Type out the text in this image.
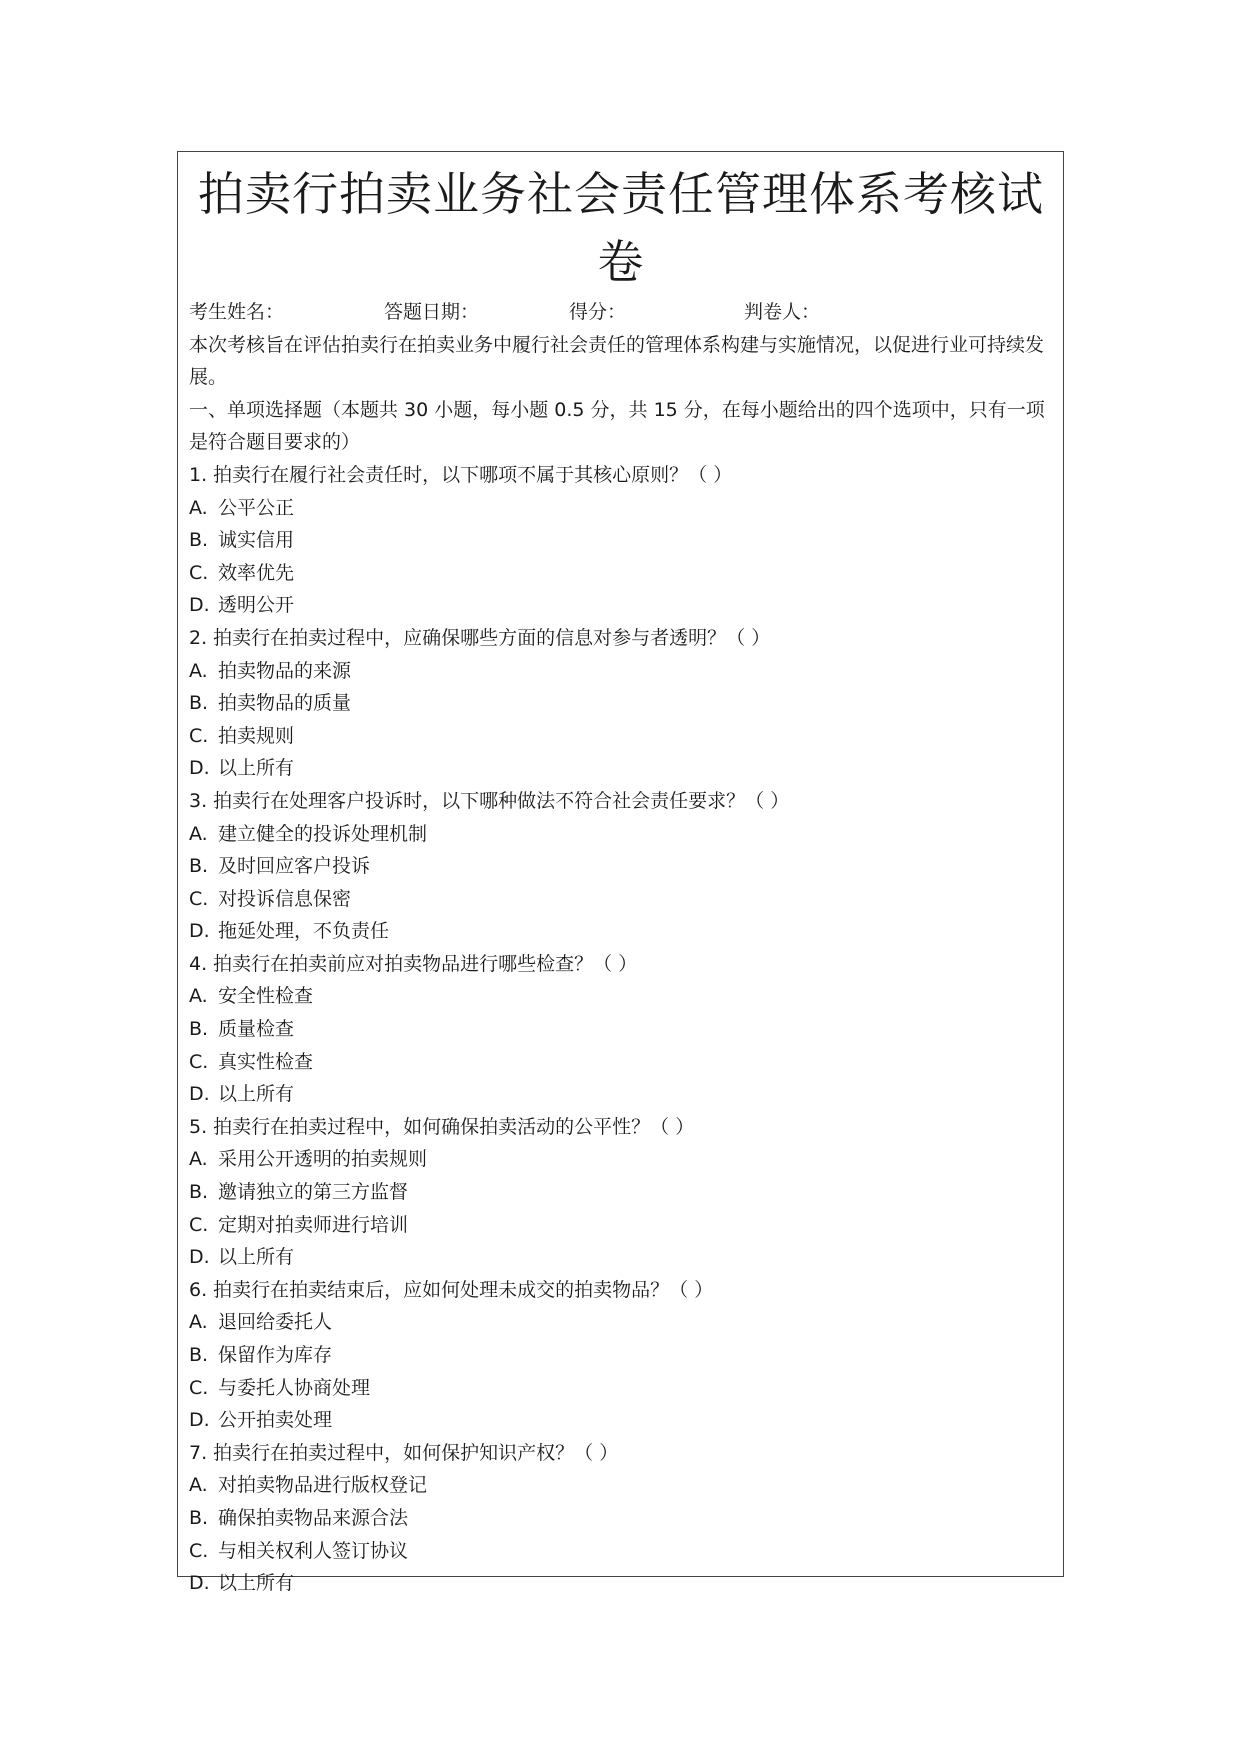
拍卖行拍卖业务社会责任管理体系考核试
卷
考生姓名：	答题日期：	得分：	判卷人：

本次考核旨在评估拍卖行在拍卖业务中履行社会责任的管理体系构建与实施情况，以促进行业可持续发展。

一、单项选择题（本题共 30 小题，每小题 0.5 分，共 15 分，在每小题给出的四个选项中，只有一项是符合题目要求的）

1. 拍卖行在履行社会责任时，以下哪项不属于其核心原则？（ ）

A. 公平公正
B. 诚实信用
C. 效率优先
D. 透明公开

2. 拍卖行在拍卖过程中，应确保哪些方面的信息对参与者透明？（ ）

A. 拍卖物品的来源
B. 拍卖物品的质量
C. 拍卖规则
D. 以上所有

3. 拍卖行在处理客户投诉时，以下哪种做法不符合社会责任要求？（ ）

A. 建立健全的投诉处理机制
B. 及时回应客户投诉
C. 对投诉信息保密
D. 拖延处理，不负责任

4. 拍卖行在拍卖前应对拍卖物品进行哪些检查？（ ）

A. 安全性检查
B. 质量检查
C. 真实性检查
D. 以上所有

5. 拍卖行在拍卖过程中，如何确保拍卖活动的公平性？（ ）

A. 采用公开透明的拍卖规则
B. 邀请独立的第三方监督
C. 定期对拍卖师进行培训
D. 以上所有

6. 拍卖行在拍卖结束后，应如何处理未成交的拍卖物品？（ ）

A. 退回给委托人
B. 保留作为库存
C. 与委托人协商处理
D. 公开拍卖处理

7. 拍卖行在拍卖过程中，如何保护知识产权？（ ）

A. 对拍卖物品进行版权登记
B. 确保拍卖物品来源合法
C. 与相关权利人签订协议
D. 以上所有
